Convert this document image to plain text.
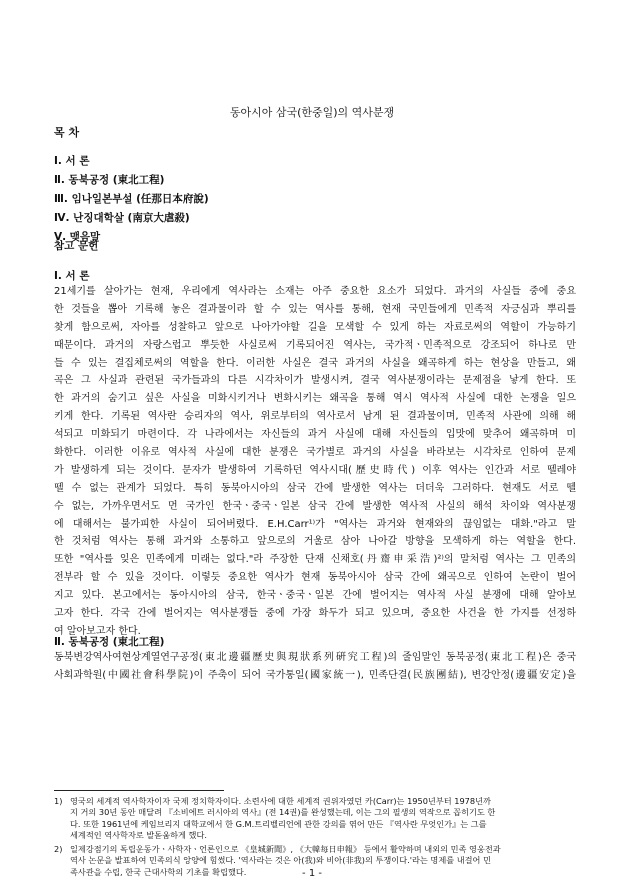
동아시아 삼국(한중일)의 역사분쟁
목 차
Ⅰ. 서 론
Ⅱ. 동북공정 (東北工程)
Ⅲ. 임나일본부설 (任那日本府說)
Ⅳ. 난징대학살 (南京大虐殺)
Ⅴ. 맺음말
참고 문헌
Ⅰ. 서 론
21세기를 살아가는 현재, 우리에게 역사라는 소재는 아주 중요한 요소가 되었다. 과거의 사실들 중에 중요
한 것들을 뽑아 기록해 놓은 결과물이라 할 수 있는 역사를 통해, 현재 국민들에게 민족적 자긍심과 뿌리를
찾게 함으로써, 자아를 성찰하고 앞으로 나아가야할 길을 모색할 수 있게 하는 자료로써의 역할이 가능하기
때문이다. 과거의 자랑스럽고 뿌듯한 사실로써 기록되어진 역사는, 국가적ㆍ민족적으로 강조되어 하나로 만
들 수 있는 결집체로써의 역할을 한다. 이러한 사실은 결국 과거의 사실을 왜곡하게 하는 현상을 만들고, 왜
곡은 그 사실과 관련된 국가들과의 다른 시각차이가 발생시켜, 결국 역사분쟁이라는 문제점을 낳게 한다. 또
한 과거의 숨기고 싶은 사실을 미화시키거나 변화시키는 왜곡을 통해 역시 역사적 사실에 대한 논쟁을 일으
키게 한다. 기록된 역사란 승리자의 역사, 위로부터의 역사로서 남게 된 결과물이며, 민족적 사관에 의해 해
석되고 미화되기 마련이다. 각 나라에서는 자신들의 과거 사실에 대해 자신들의 입맛에 맞추어 왜곡하며 미
화한다. 이러한 이유로 역사적 사실에 대한 분쟁은 국가별로 과거의 사실을 바라보는 시각차로 인하여 문제
가 발생하게 되는 것이다. 문자가 발생하여 기록하던 역사시대(歷史時代) 이후 역사는 인간과 서로 뗄레야
뗄 수 없는 관계가 되었다. 특히 동북아시아의 삼국 간에 발생한 역사는 더더욱 그러하다. 현재도 서로 뗄
수 없는, 가까우면서도 먼 국가인 한국ㆍ중국ㆍ일본 삼국 간에 발생한 역사적 사실의 해석 차이와 역사분쟁
에 대해서는 불가피한 사실이 되어버렸다. E.H.Carr¹⁾가 "역사는 과거와 현재와의 끊임없는 대화."라고 말
한 것처럼 역사는 통해 과거와 소통하고 앞으로의 거울로 삼아 나아갈 방향을 모색하게 하는 역할을 한다.
또한 "역사를 잊은 민족에게 미래는 없다."라 주장한 단재 신채호(丹齋申采浩)²⁾의 말처럼 역사는 그 민족의
전부라 할 수 있을 것이다. 이렇듯 중요한 역사가 현재 동북아시아 삼국 간에 왜곡으로 인하여 논란이 벌어
지고 있다. 본고에서는 동아시아의 삼국, 한국ㆍ중국ㆍ일본 간에 벌어지는 역사적 사실 분쟁에 대해 알아보
고자 한다. 각국 간에 벌어지는 역사분쟁들 중에 가장 화두가 되고 있으며, 중요한 사건을 한 가지를 선정하
여 알아보고자 한다.
Ⅱ. 동북공정 (東北工程)
동북변강역사여현상계열연구공정(東北邊疆歷史與現狀系列硏究工程)의 줄임말인 동북공정(東北工程)은 중국
사회과학원(中國社會科學院)이 주축이 되어 국가통일(國家統一), 민족단결(民族團結), 변강안정(邊疆安定)을
1) 영국의 세계적 역사학자이자 국제 정치학자이다. 소련사에 대한 세계적 권위자였던 카(Carr)는 1950년부터 1978년까
지 거의 30년 동안 매달려 『소비에트 러시아의 역사』(전 14권)를 완성했는데, 이는 그의 필생의 역작으로 꼽히기도 한
다. 또한 1961년에 케임브리지 대학교에서 한 G.M.트리벨리언에 관한 강의를 엮어 만든 『역사란 무엇인가』는 그를
세계적인 역사학자로 발돋움하게 했다.
2) 일제강점기의 독립운동가ㆍ사학자ㆍ언론인으로 《皇城新聞》, 《大韓每日申報》 등에서 활약하며 내외의 민족 영웅전과
역사 논문을 발표하여 민족의식 앙양에 힘썼다. '역사라는 것은 아(我)와 비아(非我)의 투쟁이다.'라는 명제를 내걸어 민
족사관을 수립, 한국 근대사학의 기초를 확립했다.	- 1 -
